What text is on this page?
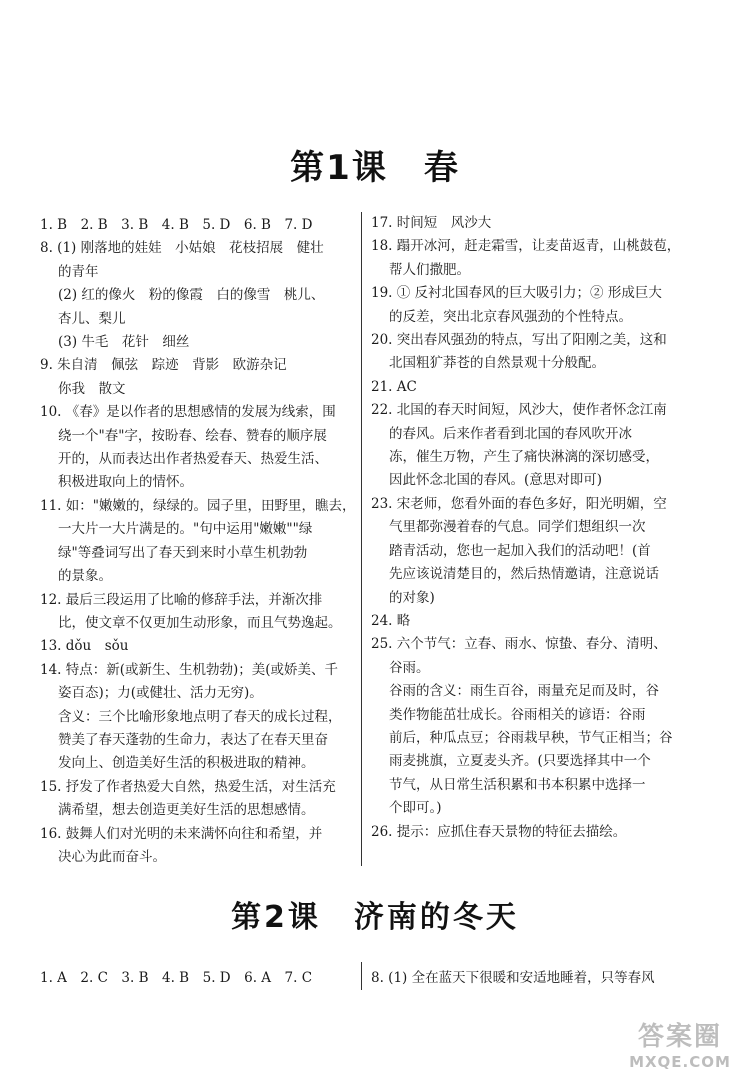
第1课　春
1. B　2. B　3. B　4. B　5. D　6. B　7. D
8. (1) 刚落地的娃娃　小姑娘　花枝招展　健壮
的青年
(2) 红的像火　粉的像霞　白的像雪　桃儿、
杏儿、梨儿
(3) 牛毛　花针　细丝
9. 朱自清　佩弦　踪迹　背影　欧游杂记
你我　散文
10. 《春》是以作者的思想感情的发展为线索，围
绕一个"春"字，按盼春、绘春、赞春的顺序展
开的，从而表达出作者热爱春天、热爱生活、
积极进取向上的情怀。
11. 如："嫩嫩的，绿绿的。园子里，田野里，瞧去，
一大片一大片满是的。"句中运用"嫩嫩""绿
绿"等叠词写出了春天到来时小草生机勃勃
的景象。
12. 最后三段运用了比喻的修辞手法，并渐次排
比，使文章不仅更加生动形象，而且气势逸起。
13. dǒu　sǒu
14. 特点：新(或新生、生机勃勃)；美(或娇美、千
姿百态)；力(或健壮、活力无穷)。
含义：三个比喻形象地点明了春天的成长过程，
赞美了春天蓬勃的生命力，表达了在春天里奋
发向上、创造美好生活的积极进取的精神。
15. 抒发了作者热爱大自然，热爱生活，对生活充
满希望，想去创造更美好生活的思想感情。
16. 鼓舞人们对光明的未来满怀向往和希望，并
决心为此而奋斗。
17. 时间短　风沙大
18. 蹋开冰河，赶走霜雪，让麦苗返青，山桃鼓苞，
帮人们撒肥。
19. ① 反衬北国春风的巨大吸引力；② 形成巨大
的反差，突出北京春风强劲的个性特点。
20. 突出春风强劲的特点，写出了阳刚之美，这和
北国粗犷莽苍的自然景观十分般配。
21. AC
22. 北国的春天时间短，风沙大，使作者怀念江南
的春风。后来作者看到北国的春风吹开冰
冻，催生万物，产生了痛快淋漓的深切感受，
因此怀念北国的春风。(意思对即可)
23. 宋老师，您看外面的春色多好，阳光明媚，空
气里都弥漫着春的气息。同学们想组织一次
踏青活动，您也一起加入我们的活动吧！(首
先应该说清楚目的，然后热情邀请，注意说话
的对象)
24. 略
25. 六个节气：立春、雨水、惊蛰、春分、清明、
谷雨。
谷雨的含义：雨生百谷，雨量充足而及时，谷
类作物能茁壮成长。谷雨相关的谚语：谷雨
前后，种瓜点豆；谷雨栽早秧，节气正相当；谷
雨麦挑旗，立夏麦头齐。(只要选择其中一个
节气，从日常生活积累和书本积累中选择一
个即可。)
26. 提示：应抓住春天景物的特征去描绘。
第2课　济南的冬天
1. A　2. C　3. B　4. B　5. D　6. A　7. C	8. (1) 全在蓝天下很暖和安适地睡着，只等春风
答案圈
MXQE.COM
